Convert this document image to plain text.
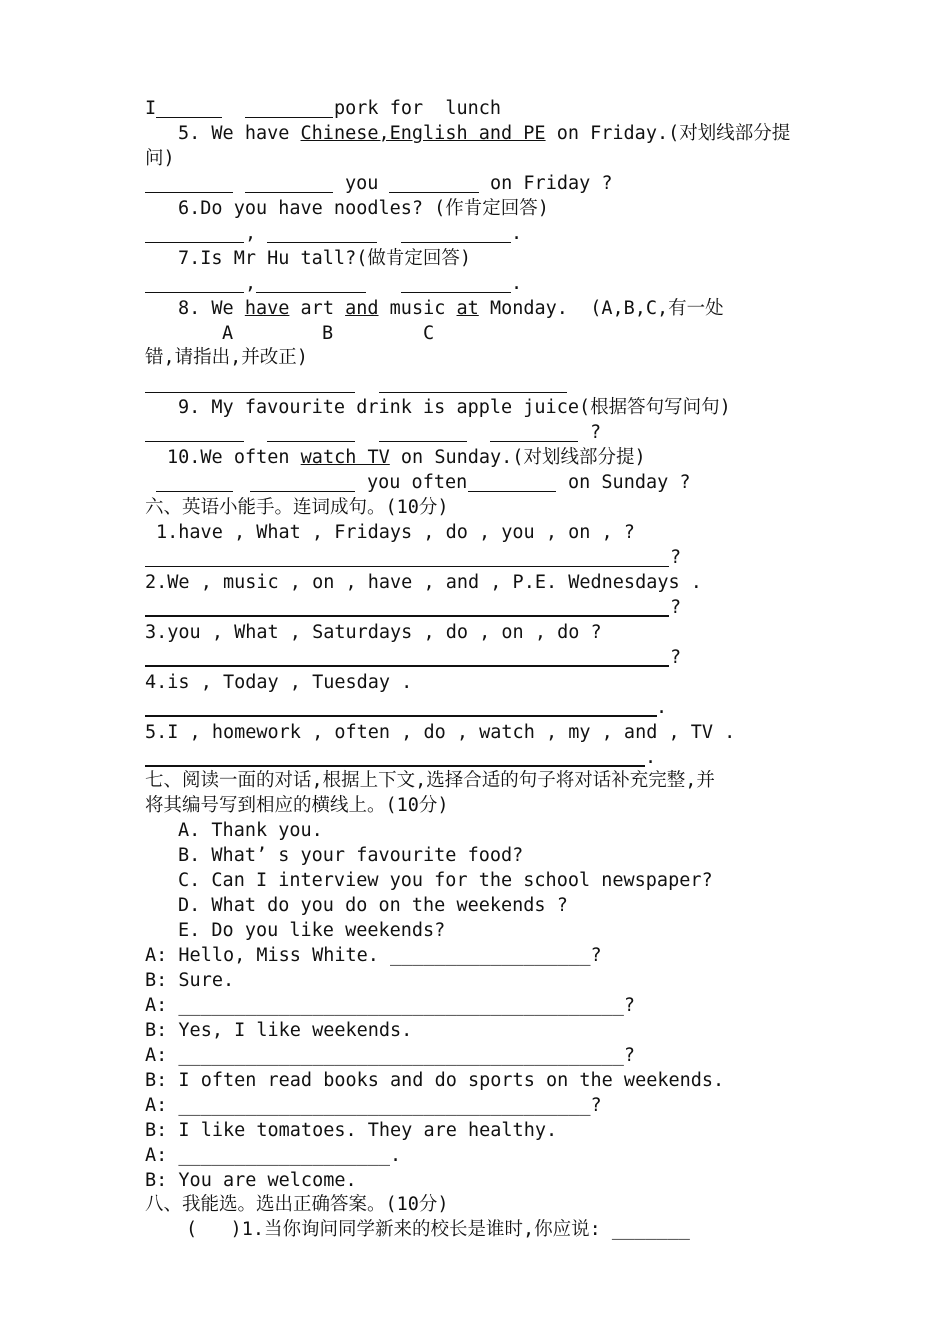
I	pork for  lunch
5. We have Chinese,English and PE on Friday.(对划线部分提
问)
you	on Friday ?
6.Do you have noodles? (作肯定回答)
,	.
7.Is Mr Hu tall?(做肯定回答)
,	.
8. We have art and music at Monday. (A,B,C,有一处
A	B	C
错,请指出,并改正)
9. My favourite drink is apple juice(根据答句写问句)
?
10.We often watch TV on Sunday.(对划线部分提)
you often	on Sunday ?
六、英语小能手。连词成句。(10分)
1.have , What , Fridays , do , you , on , ?
?
2.We , music , on , have , and , P.E. Wednesdays .
?
3.you , What , Saturdays , do , on , do ?
?
4.is , Today , Tuesday .
.
5.I , homework , often , do , watch , my , and , TV .
.
七、阅读一面的对话,根据上下文,选择合适的句子将对话补充完整,并
将其编号写到相应的横线上。(10分)
A. Thank you.
B. What’ s your favourite food?
C. Can I interview you for the school newspaper?
D. What do you do on the weekends ?
E. Do you like weekends?
A: Hello, Miss White. __________________?
B: Sure.
A: ________________________________________?
B: Yes, I like weekends.
A: ________________________________________?
B: I often read books and do sports on the weekends.
A: _____________________________________?
B: I like tomatoes. They are healthy.
A: ___________________.
B: You are welcome.
八、我能选。选出正确答案。(10分)
(   )1.当你询问同学新来的校长是谁时,你应说: _______
